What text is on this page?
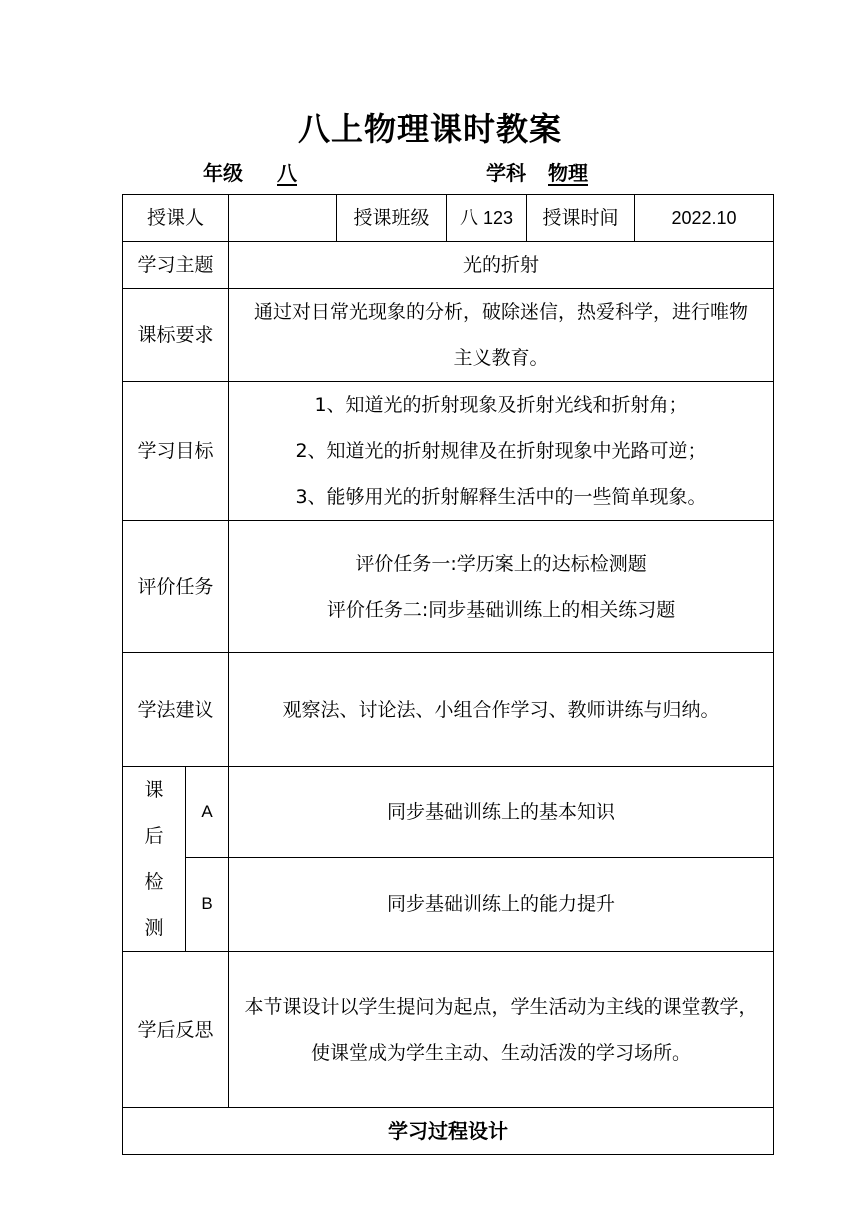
八上物理课时教案
年级 八	学科 物理
授课人			授课班级	八 123	授课时间	2022.10
学习主题		光的折射				
课标要求		通过对日常光现象的分析，破除迷信，热爱科学，进行唯物
主义教育。				

学习目标		1、知道光的折射现象及折射光线和折射角；
2、知道光的折射规律及在折射现象中光路可逆；
3、能够用光的折射解释生活中的一些简单现象。				

评价任务		评价任务一:学历案上的达标检测题
评价任务二:同步基础训练上的相关练习题				

学法建议		观察法、讨论法、小组合作学习、教师讲练与归纳。				

课
后
检
测	A	同步基础训练上的基本知识				
	B	同步基础训练上的能力提升				
学后反思		本节课设计以学生提问为起点，学生活动为主线的课堂教学，
使课堂成为学生主动、生动活泼的学习场所。				

学习过程设计						
